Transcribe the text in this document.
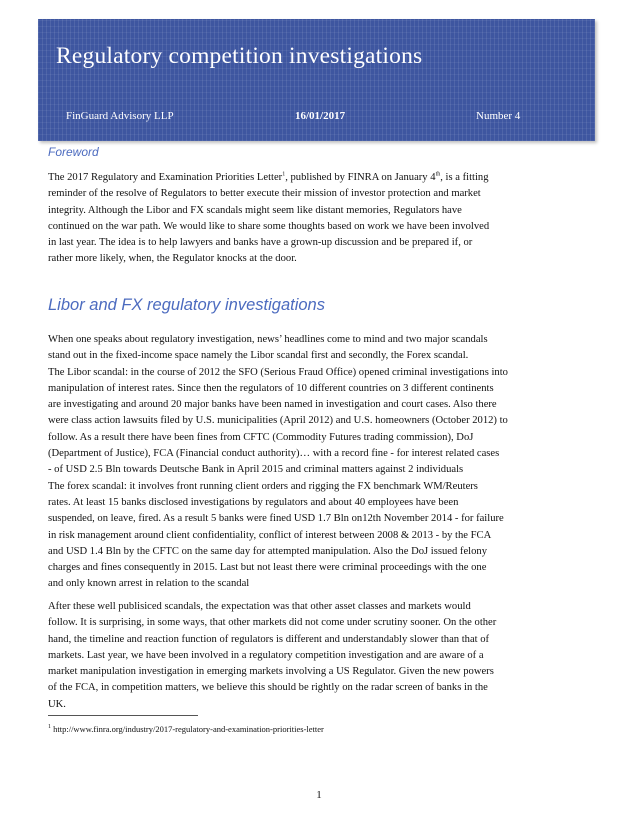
Regulatory competition investigations
FinGuard Advisory LLP	16/01/2017	Number 4
Foreword
The 2017 Regulatory and Examination Priorities Letter$^1$, published by FINRA on January 4th, is a fitting
reminder of the resolve of Regulators to better execute their mission of investor protection and market
integrity. Although the Libor and FX scandals might seem like distant memories, Regulators have
continued on the war path. We would like to share some thoughts based on work we have been involved
in last year. The idea is to help lawyers and banks have a grown-up discussion and be prepared if, or
rather more likely, when, the Regulator knocks at the door.
Libor and FX regulatory investigations
When one speaks about regulatory investigation, news’ headlines come to mind and two major scandals
stand out in the fixed-income space namely the Libor scandal first and secondly, the Forex scandal.
The Libor scandal: in the course of 2012 the SFO (Serious Fraud Office) opened criminal investigations into
manipulation of interest rates. Since then the regulators of 10 different countries on 3 different continents
are investigating and around 20 major banks have been named in investigation and court cases. Also there
were class action lawsuits filed by U.S. municipalities (April 2012) and U.S. homeowners (October 2012) to
follow. As a result there have been fines from CFTC (Commodity Futures trading commission), DoJ
(Department of Justice), FCA (Financial conduct authority)… with a record fine - for interest related cases
- of USD 2.5 Bln towards Deutsche Bank in April 2015 and criminal matters against 2 individuals
The forex scandal: it involves front running client orders and rigging the FX benchmark WM/Reuters
rates. At least 15 banks disclosed investigations by regulators and about 40 employees have been
suspended, on leave, fired. As a result 5 banks were fined USD 1.7 Bln on12th November 2014 - for failure
in risk management around client confidentiality, conflict of interest between 2008 & 2013 - by the FCA
and USD 1.4 Bln by the CFTC on the same day for attempted manipulation. Also the DoJ issued felony
charges and fines consequently in 2015. Last but not least there were criminal proceedings with the one
and only known arrest in relation to the scandal
After these well publisiced scandals, the expectation was that other asset classes and markets would
follow. It is surprising, in some ways, that other markets did not come under scrutiny sooner. On the other
hand, the timeline and reaction function of regulators is different and understandably slower than that of
markets. Last year, we have been involved in a regulatory competition investigation and are aware of a
market manipulation investigation in emerging markets involving a US Regulator. Given the new powers
of the FCA, in competition matters, we believe this should be rightly on the radar screen of banks in the
UK.
$^1$ http://www.finra.org/industry/2017-regulatory-and-examination-priorities-letter
1
